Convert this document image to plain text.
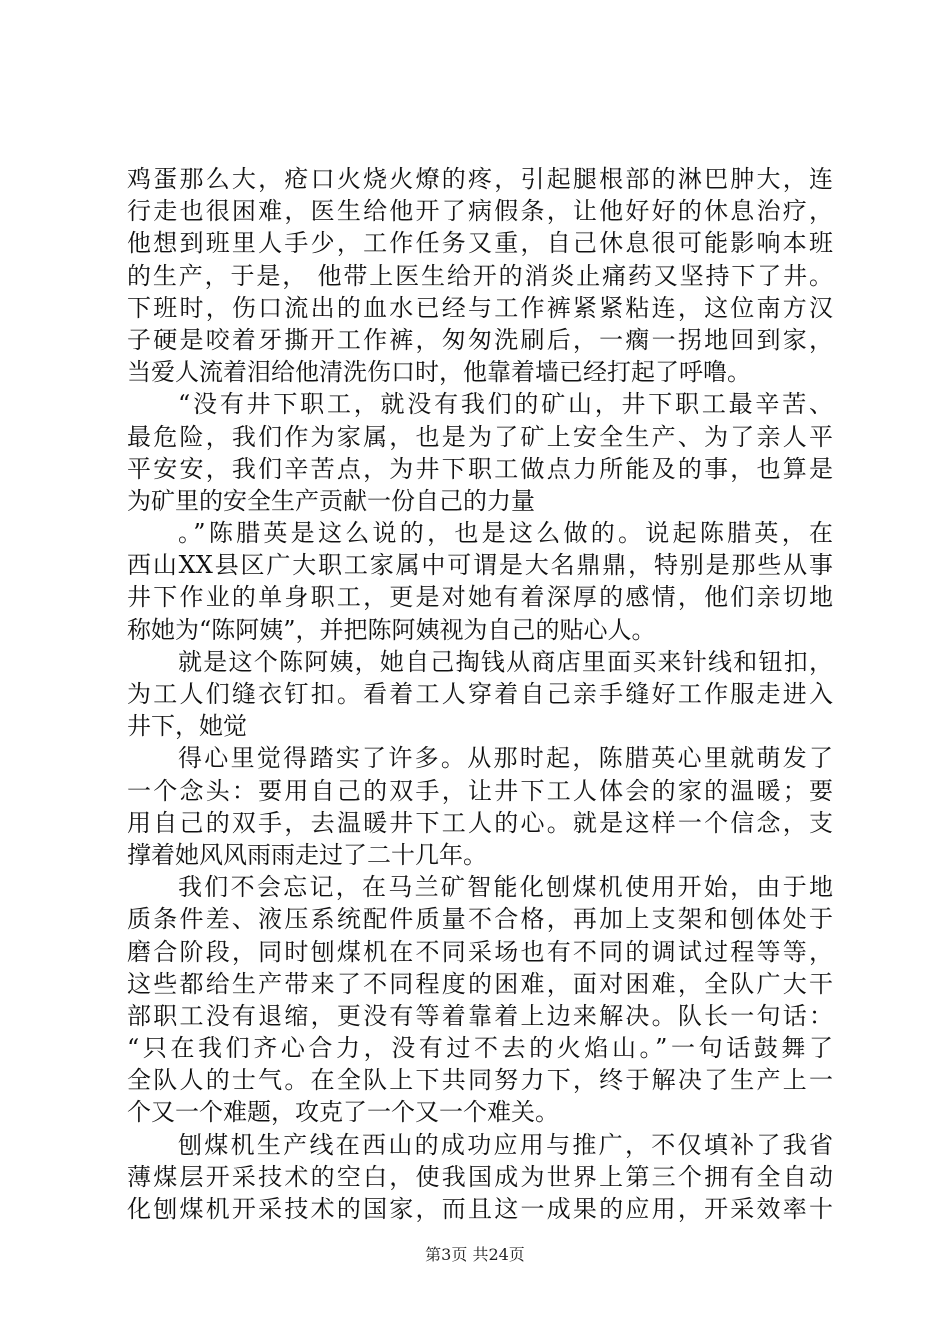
鸡蛋那么大，疮口火烧火燎的疼，引起腿根部的淋巴肿大，连
行走也很困难，医生给他开了病假条，让他好好的休息治疗，
他想到班里人手少，工作任务又重，自己休息很可能影响本班
的生产，于是， 他带上医生给开的消炎止痛药又坚持下了井。
下班时，伤口流出的血水已经与工作裤紧紧粘连，这位南方汉
子硬是咬着牙撕开工作裤，匆匆洗刷后，一瘸一拐地回到家，
当爱人流着泪给他清洗伤口时，他靠着墙已经打起了呼噜。
“没有井下职工，就没有我们的矿山，井下职工最辛苦、
最危险，我们作为家属，也是为了矿上安全生产、为了亲人平
平安安，我们辛苦点，为井下职工做点力所能及的事，也算是
为矿里的安全生产贡献一份自己的力量
。”陈腊英是这么说的，也是这么做的。说起陈腊英，在
西山XX县区广大职工家属中可谓是大名鼎鼎，特别是那些从事
井下作业的单身职工，更是对她有着深厚的感情，他们亲切地
称她为“陈阿姨”，并把陈阿姨视为自己的贴心人。
就是这个陈阿姨，她自己掏钱从商店里面买来针线和钮扣，
为工人们缝衣钉扣。看着工人穿着自己亲手缝好工作服走进入
井下，她觉
得心里觉得踏实了许多。从那时起，陈腊英心里就萌发了
一个念头：要用自己的双手，让井下工人体会的家的温暖；要
用自己的双手，去温暖井下工人的心。就是这样一个信念，支
撑着她风风雨雨走过了二十几年。
我们不会忘记，在马兰矿智能化刨煤机使用开始，由于地
质条件差、液压系统配件质量不合格，再加上支架和刨体处于
磨合阶段，同时刨煤机在不同采场也有不同的调试过程等等，
这些都给生产带来了不同程度的困难，面对困难，全队广大干
部职工没有退缩，更没有等着靠着上边来解决。队长一句话：
“只在我们齐心合力，没有过不去的火焰山。”一句话鼓舞了
全队人的士气。在全队上下共同努力下，终于解决了生产上一
个又一个难题，攻克了一个又一个难关。
刨煤机生产线在西山的成功应用与推广，不仅填补了我省
薄煤层开采技术的空白，使我国成为世界上第三个拥有全自动
化刨煤机开采技术的国家，而且这一成果的应用，开采效率十
第3页 共24页
